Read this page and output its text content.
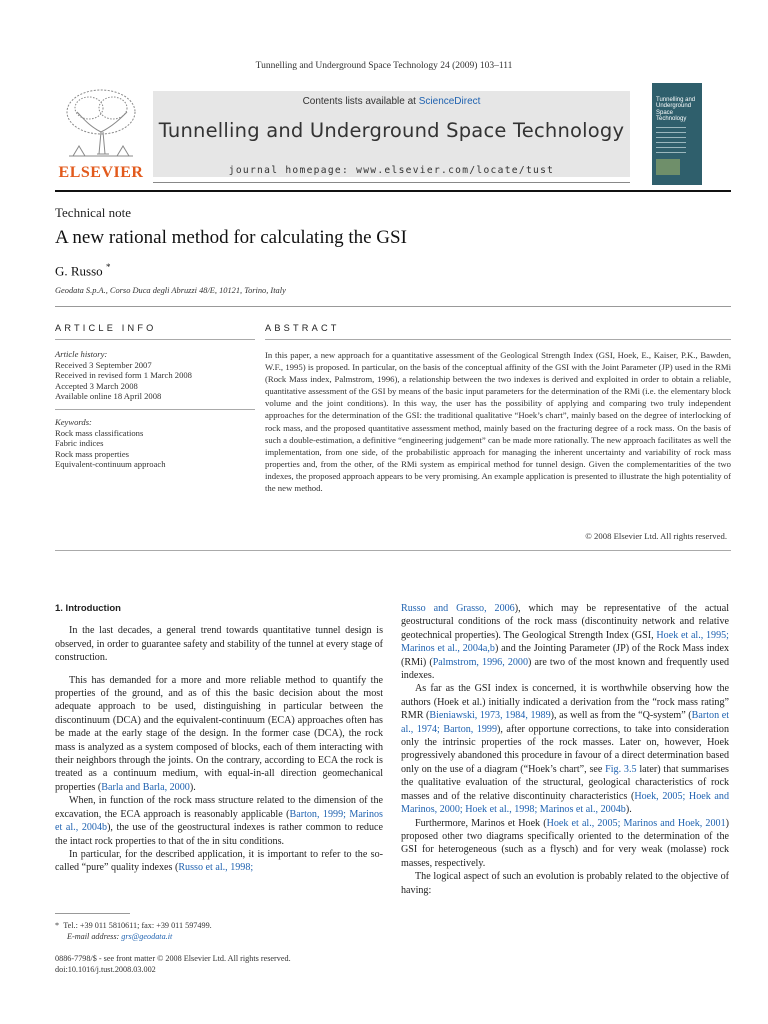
Tunnelling and Underground Space Technology 24 (2009) 103–111
ELSEVIER
Contents lists available at ScienceDirect
Tunnelling and Underground Space Technology
journal homepage: www.elsevier.com/locate/tust
Tunnelling and Underground Space Technology
Technical note
A new rational method for calculating the GSI
G. Russo *
Geodata S.p.A., Corso Duca degli Abruzzi 48/E, 10121, Torino, Italy
ARTICLE INFO
Article history:
Received 3 September 2007
Received in revised form 1 March 2008
Accepted 3 March 2008
Available online 18 April 2008
Keywords:
Rock mass classifications
Fabric indices
Rock mass properties
Equivalent-continuum approach
ABSTRACT
In this paper, a new approach for a quantitative assessment of the Geological Strength Index (GSI, Hoek, E., Kaiser, P.K., Bawden, W.F., 1995) is proposed. In particular, on the basis of the conceptual affinity of the GSI with the Joint Parameter (JP) used in the RMi (Rock Mass index, Palmstrom, 1996), a relationship between the two indexes is derived and exploited in order to obtain a reliable, quantitative assessment of the GSI by means of the basic input parameters for the determination of the RMi (i.e. the elementary block volume and the joint conditions). In this way, the user has the possibility of applying and comparing two truly independent approaches for the determination of the GSI: the traditional qualitative “Hoek’s chart”, mainly based on the degree of interlocking of rock mass, and the proposed quantitative assessment method, mainly based on the fracturing degree of a rock mass. On the basis of such a double-estimation, a definitive “engineering judgement” can be made more rationally. The new approach facilitates as well the implementation, from one side, of the probabilistic approach for managing the inherent uncertainty and variability of rock mass properties and, from the other, of the RMi system as empirical method for tunnel design. Given the complementarities of the two indexes, the proposed approach appears to be very promising. An example application is presented to illustrate the high potentiality of the new method.
© 2008 Elsevier Ltd. All rights reserved.
1. Introduction

In the last decades, a general trend towards quantitative tunnel design is observed, in order to guarantee safety and stability of the tunnel at every stage of construction.

This has demanded for a more and more reliable method to quantify the properties of the ground, and as of this the basic decision about the most adequate approach to be used, distinguishing in particular between the discontinuum (DCA) and the equivalent-continuum (ECA) approaches often has be made at the early stage of the design. In the former case (DCA), the rock mass is analyzed as a system composed of blocks, each of them interacting with their neighbors through the joints. On the contrary, according to ECA the rock is treated as a continuum medium, with equal-in-all direction geomechanical properties (Barla and Barla, 2000).

When, in function of the rock mass structure related to the dimension of the excavation, the ECA approach is reasonably applicable (Barton, 1999; Marinos et al., 2004b), the use of the geostructural indexes is rather common to reduce the intact rock properties to that of the in situ conditions.

In particular, for the described application, it is important to refer to the so-called “pure” quality indexes (Russo et al., 1998;

Russo and Grasso, 2006), which may be representative of the actual geostructural conditions of the rock mass (discontinuity network and relative geotechnical properties). The Geological Strength Index (GSI, Hoek et al., 1995; Marinos et al., 2004a,b) and the Jointing Parameter (JP) of the Rock Mass index (RMi) (Palmstrom, 1996, 2000) are two of the most known and frequently used indexes.

As far as the GSI index is concerned, it is worthwhile observing how the authors (Hoek et al.) initially indicated a derivation from the “rock mass rating” RMR (Bieniawski, 1973, 1984, 1989), as well as from the “Q-system” (Barton et al., 1974; Barton, 1999), after opportune corrections, to take into consideration only the intrinsic properties of the rock masses. Later on, however, Hoek progressively abandoned this procedure in favour of a direct determination based only on the use of a diagram (“Hoek’s chart”, see Fig. 3.5 later) that summarises the qualitative evaluation of the structural, geological characteristics of rock masses and of the relative discontinuity characteristics (Hoek, 2005; Hoek and Marinos, 2000; Hoek et al., 1998; Marinos et al., 2004b).

Furthermore, Marinos et Hoek (Hoek et al., 2005; Marinos and Hoek, 2001) proposed other two diagrams specifically oriented to the determination of the GSI for heterogeneous (such as a flysch) and for very weak (molasse) rock masses, respectively.

The logical aspect of such an evolution is probably related to the objective of having:

* Tel.: +39 011 5810611; fax: +39 011 597499.
E-mail address: grs@geodata.it
0886-7798/$ - see front matter © 2008 Elsevier Ltd. All rights reserved.
doi:10.1016/j.tust.2008.03.002
